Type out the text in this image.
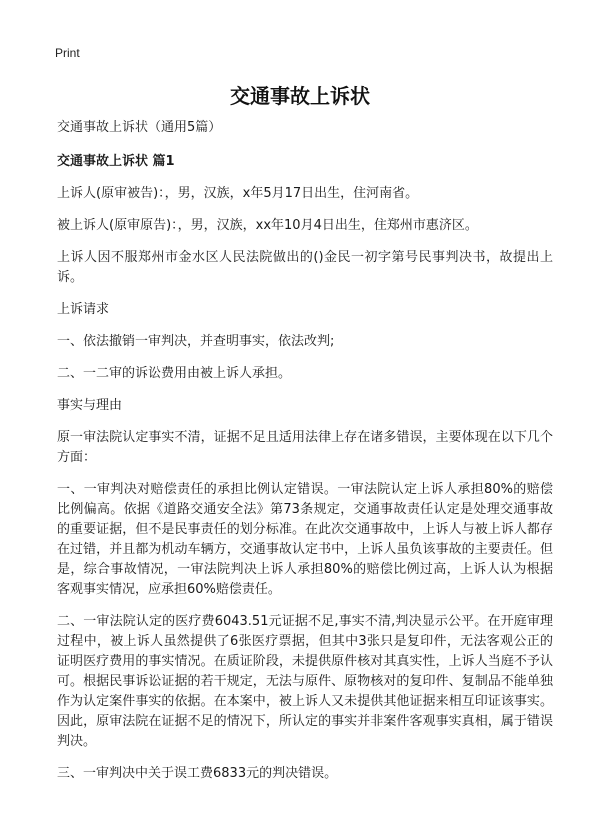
Print
交通事故上诉状

交通事故上诉状（通用5篇）

交通事故上诉状 篇1

上诉人(原审被告)：，男，汉族，x年5月17日出生，住河南省。

被上诉人(原审原告)：，男，汉族，xx年10月4日出生，住郑州市惠济区。

上诉人因不服郑州市金水区人民法院做出的()金民一初字第号民事判决书，故提出上诉。

上诉请求

一、依法撤销一审判决，并查明事实，依法改判;

二、一二审的诉讼费用由被上诉人承担。

事实与理由

原一审法院认定事实不清，证据不足且适用法律上存在诸多错误，主要体现在以下几个方面：

一、一审判决对赔偿责任的承担比例认定错误。一审法院认定上诉人承担80%的赔偿比例偏高。依据《道路交通安全法》第73条规定，交通事故责任认定是处理交通事故的重要证据，但不是民事责任的划分标准。在此次交通事故中，上诉人与被上诉人都存在过错，并且都为机动车辆方，交通事故认定书中，上诉人虽负该事故的主要责任。但是，综合事故情况，一审法院判决上诉人承担80%的赔偿比例过高，上诉人认为根据客观事实情况，应承担60%赔偿责任。

二、一审法院认定的医疗费6043.51元证据不足,事实不清,判决显示公平。在开庭审理过程中，被上诉人虽然提供了6张医疗票据，但其中3张只是复印件，无法客观公正的证明医疗费用的事实情况。在质证阶段，未提供原件核对其真实性，上诉人当庭不予认可。根据民事诉讼证据的若干规定，无法与原件、原物核对的复印件、复制品不能单独作为认定案件事实的依据。在本案中，被上诉人又未提供其他证据来相互印证该事实。因此，原审法院在证据不足的情况下，所认定的事实并非案件客观事实真相，属于错误判决。

三、一审判决中关于误工费6833元的判决错误。
